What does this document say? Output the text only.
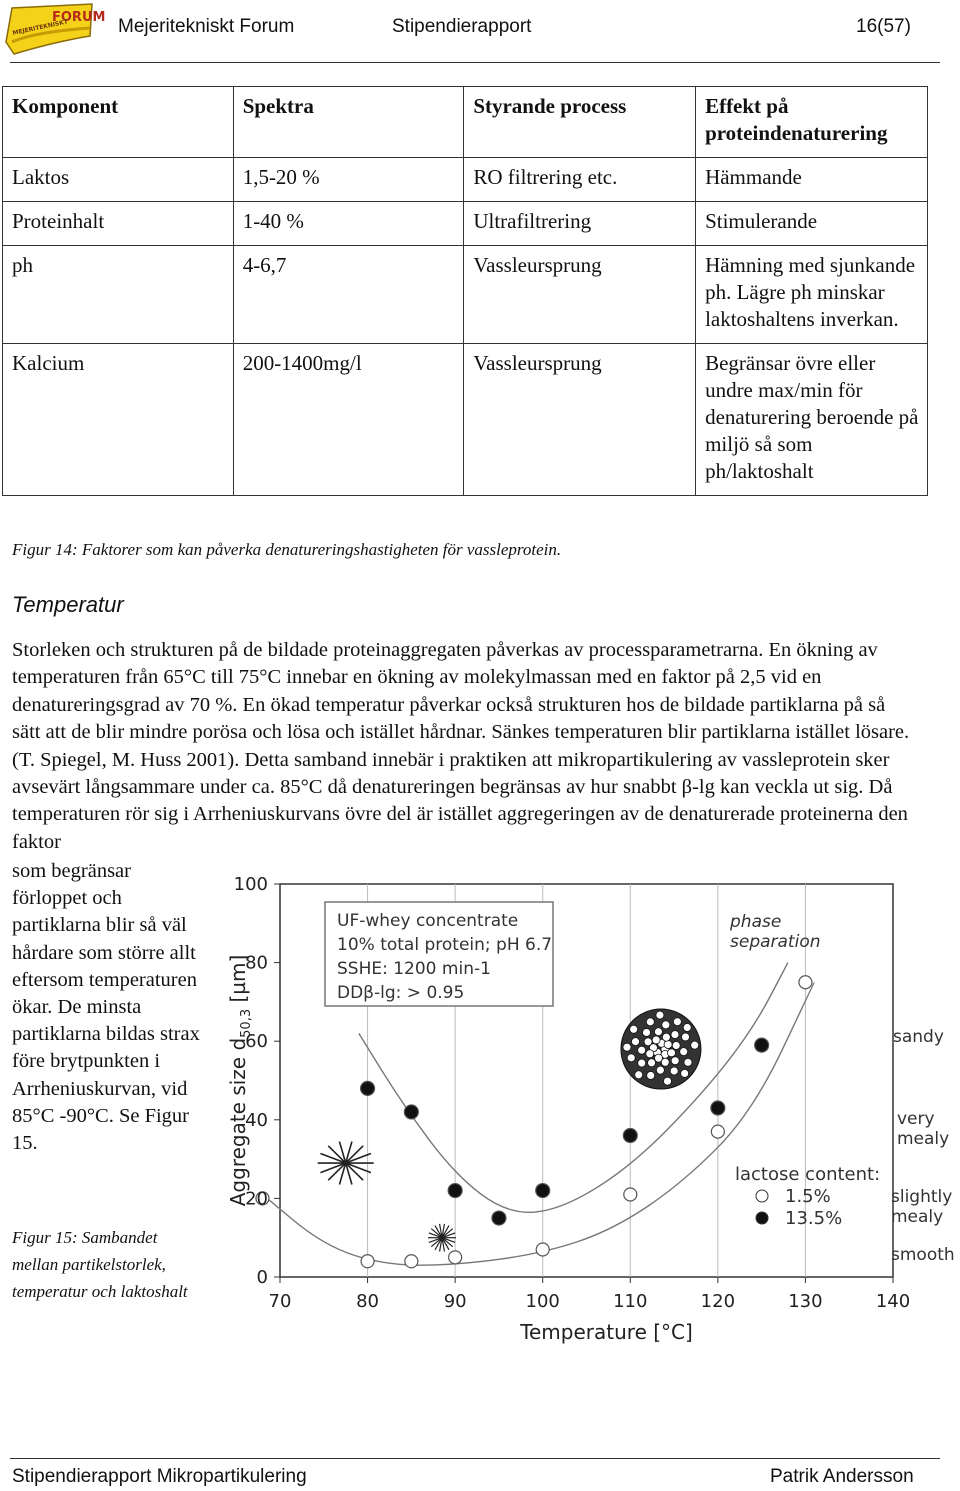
FORUM
MEJERITEKNISKT	Mejeritekniskt Forum	Stipendierapport	16(57)
Komponent	Spektra	Styrande process	Effekt på proteindenaturering
Laktos	1,5-20 %	RO filtrering etc.	Hämmande
Proteinhalt	1-40 %	Ultrafiltrering	Stimulerande
ph	4-6,7	Vassleursprung	Hämning med sjunkande ph. Lägre ph minskar laktoshaltens inverkan.
Kalcium	200-1400mg/l	Vassleursprung	Begränsar övre eller undre max/min för denaturering beroende på miljö så som ph/laktoshalt
Figur 14: Faktorer som kan påverka denatureringshastigheten för vassleprotein.
Temperatur
Storleken och strukturen på de bildade proteinaggregaten påverkas av processparametrarna. En ökning av temperaturen från 65°C till 75°C innebar en ökning av molekylmassan med en faktor på 2,5 vid en denatureringsgrad av 70 %. En ökad temperatur påverkar också strukturen hos de bildade partiklarna på så sätt att de blir mindre porösa och lösa och istället hårdnar. Sänkes temperaturen blir partiklarna istället lösare. (T. Spiegel, M. Huss 2001). Detta samband innebär i praktiken att mikropartikulering av vassleprotein sker avsevärt långsammare under ca. 85°C då denatureringen begränsas av hur snabbt β-lg kan veckla ut sig. Då temperaturen rör sig i Arrheniuskurvans övre del är istället aggregeringen av de denaturerade proteinerna den faktor
som begränsar förloppet och partiklarna blir så väl hårdare som större allt eftersom temperaturen ökar. De minsta partiklarna bildas strax före brytpunkten i Arrheniuskurvan, vid 85°C -90°C. Se Figur 15.
Figur 15: Sambandet mellan partikelstorlek, temperatur och laktoshalt	70	80	90	100	110	120	130	140
0
20
40
60
80
100
Temperature [°C]
Aggregate size $d_{50,3}$ [µm]
UF-whey concentrate
10% total protein; pH 6.7
SSHE: 1200 min-1
DDβ-lg: > 0.95
phase
separation
sandy
very
mealy
slightly
mealy
smooth
lactose content:
1.5%
13.5%
Stipendierapport Mikropartikulering	Patrik Andersson
